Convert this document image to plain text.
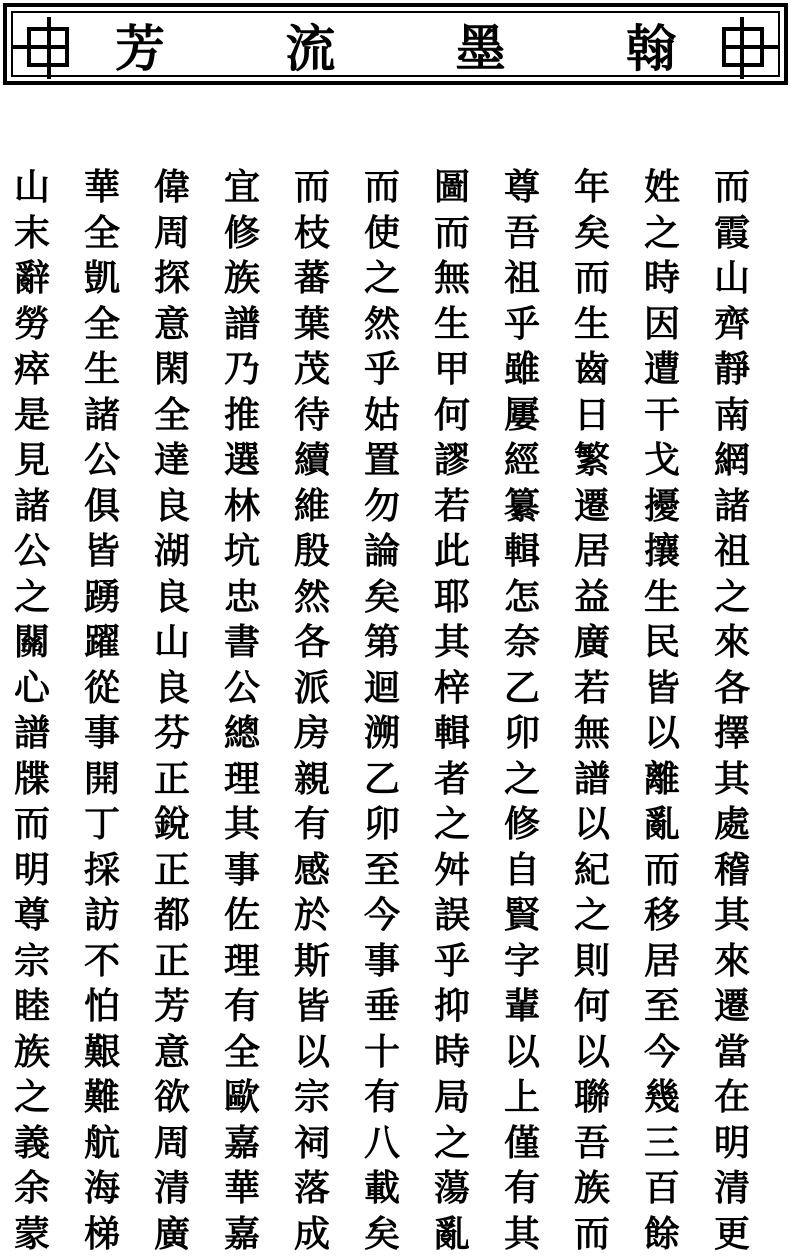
芳 流 墨 翰
而
霞
山
齊
靜
南
網
諸
祖
之
來
各
擇
其
處
稽
其
來
遷
當
在
明
清
更
姓
之
時
因
遭
干
戈
擾
攘
生
民
皆
以
離
亂
而
移
居
至
今
幾
三
百
餘
年
矣
而
生
齒
日
繁
遷
居
益
廣
若
無
譜
以
紀
之
則
何
以
聯
吾
族
而
尊
吾
祖
乎
雖
屢
經
纂
輯
怎
奈
乙
卯
之
修
自
賢
字
輩
以
上
僅
有
其
圖
而
無
生
甲
何
謬
若
此
耶
其
梓
輯
者
之
舛
誤
乎
抑
時
局
之
蕩
亂
而
使
之
然
乎
姑
置
勿
論
矣
第
迴
溯
乙
卯
至
今
事
垂
十
有
八
載
矣
而
枝
蕃
葉
茂
待
續
維
殷
然
各
派
房
親
有
感
於
斯
皆
以
宗
祠
落
成
宜
修
族
譜
乃
推
選
林
坑
忠
書
公
總
理
其
事
佐
理
有
全
歐
嘉
華
嘉
偉
周
探
意
閑
全
達
良
湖
良
山
良
芬
正
銳
正
都
正
芳
意
欲
周
清
廣
華
全
凱
全
生
諸
公
俱
皆
踴
躍
從
事
開
丁
採
訪
不
怕
艱
難
航
海
梯
山
末
辭
勞
瘁
是
見
諸
公
之
關
心
譜
牒
而
明
尊
宗
睦
族
之
義
余
蒙
